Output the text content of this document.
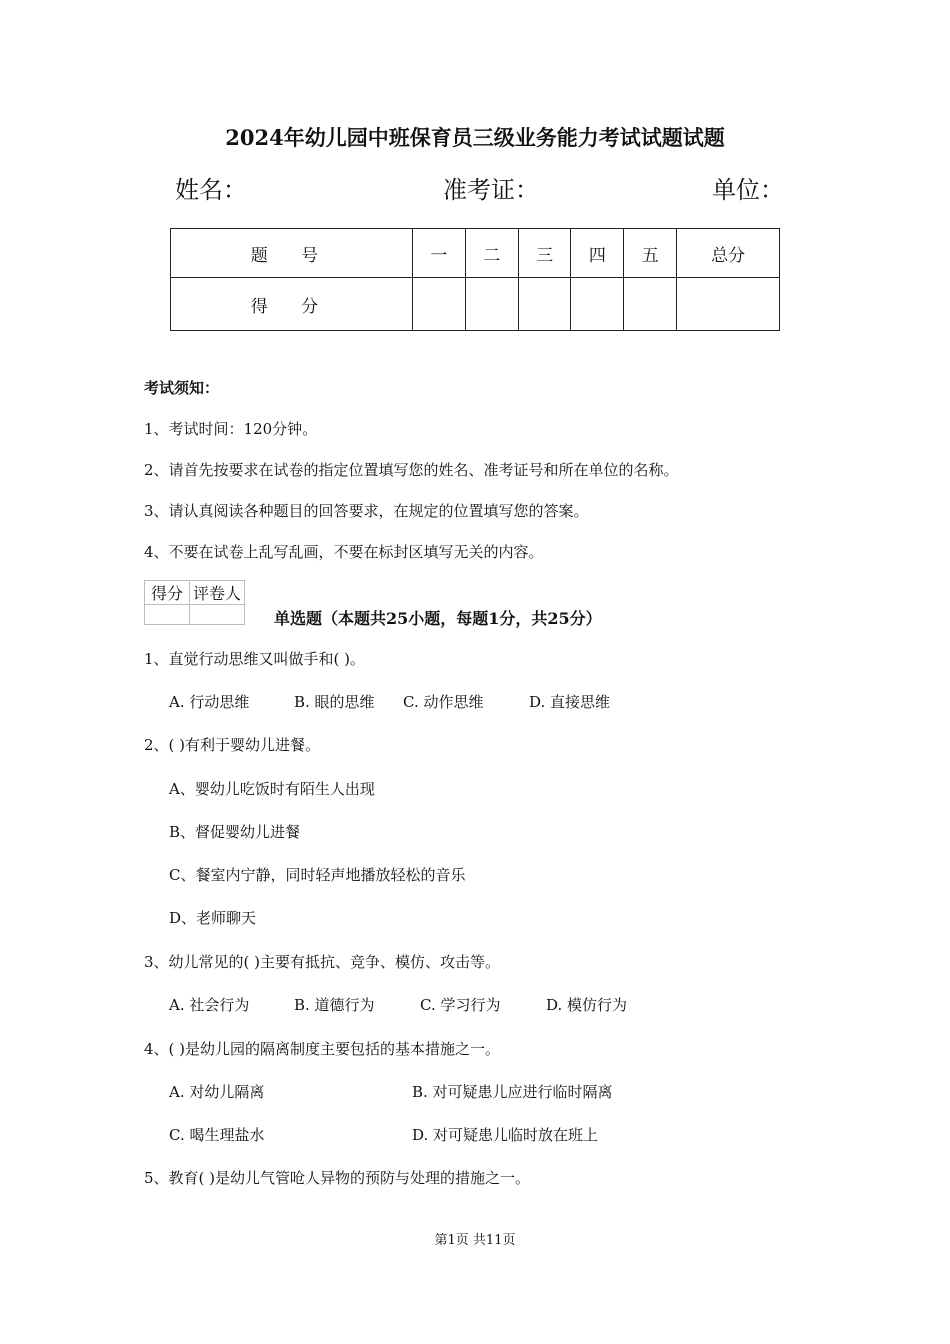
2024年幼儿园中班保育员三级业务能力考试试题试题
姓名：	准考证：	单位：
题 号	一	二	三	四	五	总分
得 分						
考试须知：
1、考试时间：120分钟。
2、请首先按要求在试卷的指定位置填写您的姓名、准考证号和所在单位的名称。
3、请认真阅读各种题目的回答要求，在规定的位置填写您的答案。
4、不要在试卷上乱写乱画，不要在标封区填写无关的内容。
得分	评卷人

单选题（本题共25小题，每题1分，共25分）
1、直觉行动思维又叫做手和( )。
A. 行动思维	B. 眼的思维 C. 动作思维	D. 直接思维
2、( )有利于婴幼儿进餐。
A、婴幼儿吃饭时有陌生人出现
B、督促婴幼儿进餐
C、餐室内宁静，同时轻声地播放轻松的音乐
D、老师聊天
3、幼儿常见的( )主要有抵抗、竞争、模仿、攻击等。
A. 社会行为	B. 道德行为	C. 学习行为	D. 模仿行为
4、( )是幼儿园的隔离制度主要包括的基本措施之一。
A. 对幼儿隔离	B. 对可疑患儿应进行临时隔离
C. 喝生理盐水	D. 对可疑患儿临时放在班上
5、教育( )是幼儿气管呛人异物的预防与处理的措施之一。
第1页 共11页
